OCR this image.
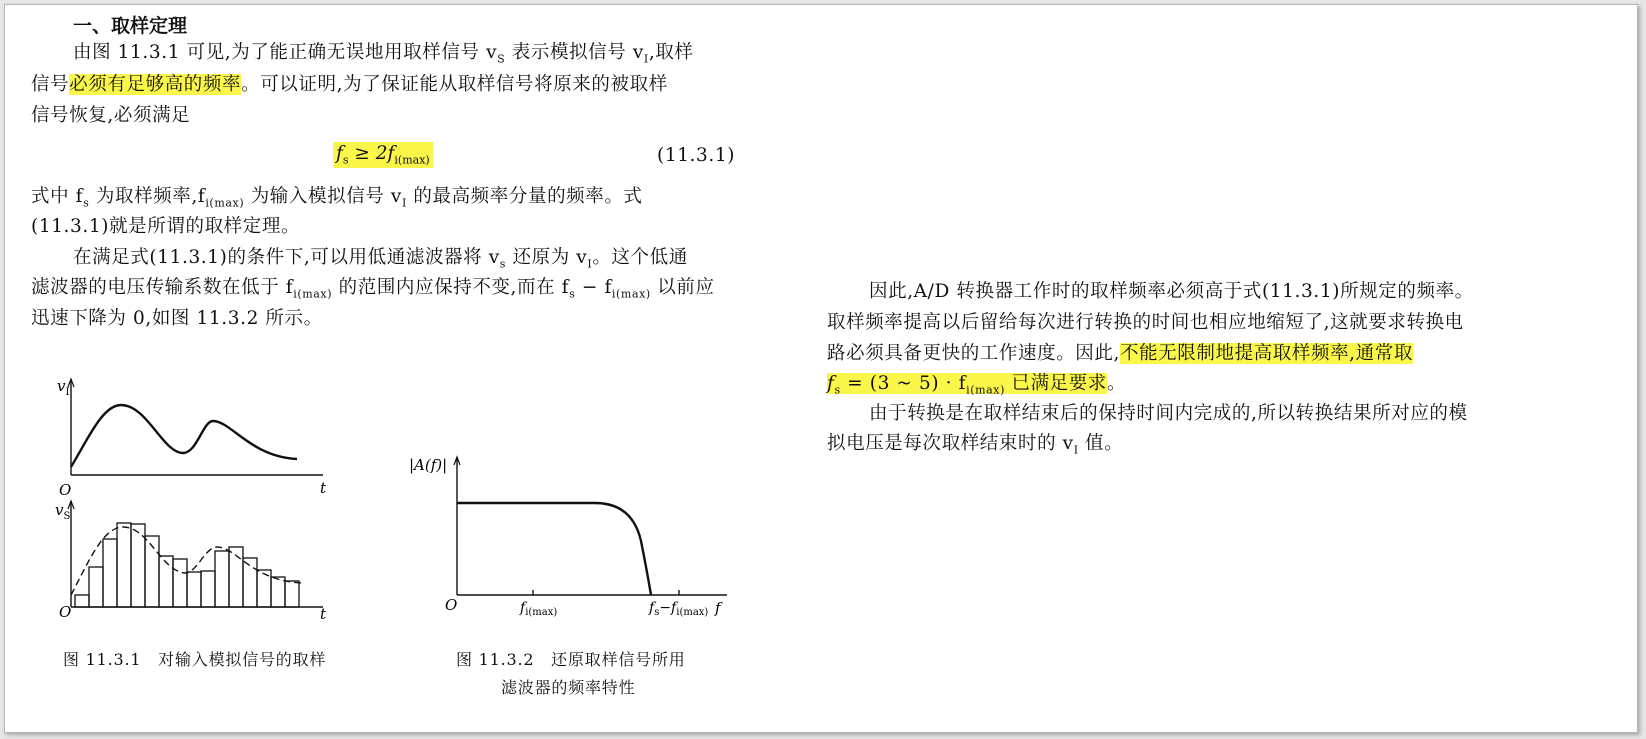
一、取样定理
由图 11.3.1 可见,为了能正确无误地用取样信号 $v_S$ 表示模拟信号 $v_I$,取样
信号必须有足够高的频率。可以证明,为了保证能从取样信号将原来的被取样
信号恢复,必须满足
$f_s \ge 2f_{i(max)}$	(11.3.1)
式中 $f_s$ 为取样频率$,f_{i(max)}$ 为输入模拟信号 $v_I$ 的最高频率分量的频率。式
(11.3.1)就是所谓的取样定理。
在满足式(11.3.1)的条件下,可以用低通滤波器将 $v_s$ 还原为 $v_I$。这个低通
滤波器的电压传输系数在低于 $f_{i(max)}$ 的范围内应保持不变,而在 $f_s - f_{i(max)}$ 以前应
迅速下降为 0,如图 11.3.2 所示。
$v_I$
O	t
$v_S$
O	t
图 11.3.1　对输入模拟信号的取样
|A(f)|
O	f
$f_{i(max)}$	$f_s-f_{i(max)}$
图 11.3.2　还原取样信号所用
滤波器的频率特性
因此,A/D 转换器工作时的取样频率必须高于式(11.3.1)所规定的频率。
取样频率提高以后留给每次进行转换的时间也相应地缩短了,这就要求转换电
路必须具备更快的工作速度。因此,不能无限制地提高取样频率,通常取
$f_s = (3$ ~ $5) \cdot f_{i(max)}$ 已满足要求。
由于转换是在取样结束后的保持时间内完成的,所以转换结果所对应的模
拟电压是每次取样结束时的 $v_I$ 值。
